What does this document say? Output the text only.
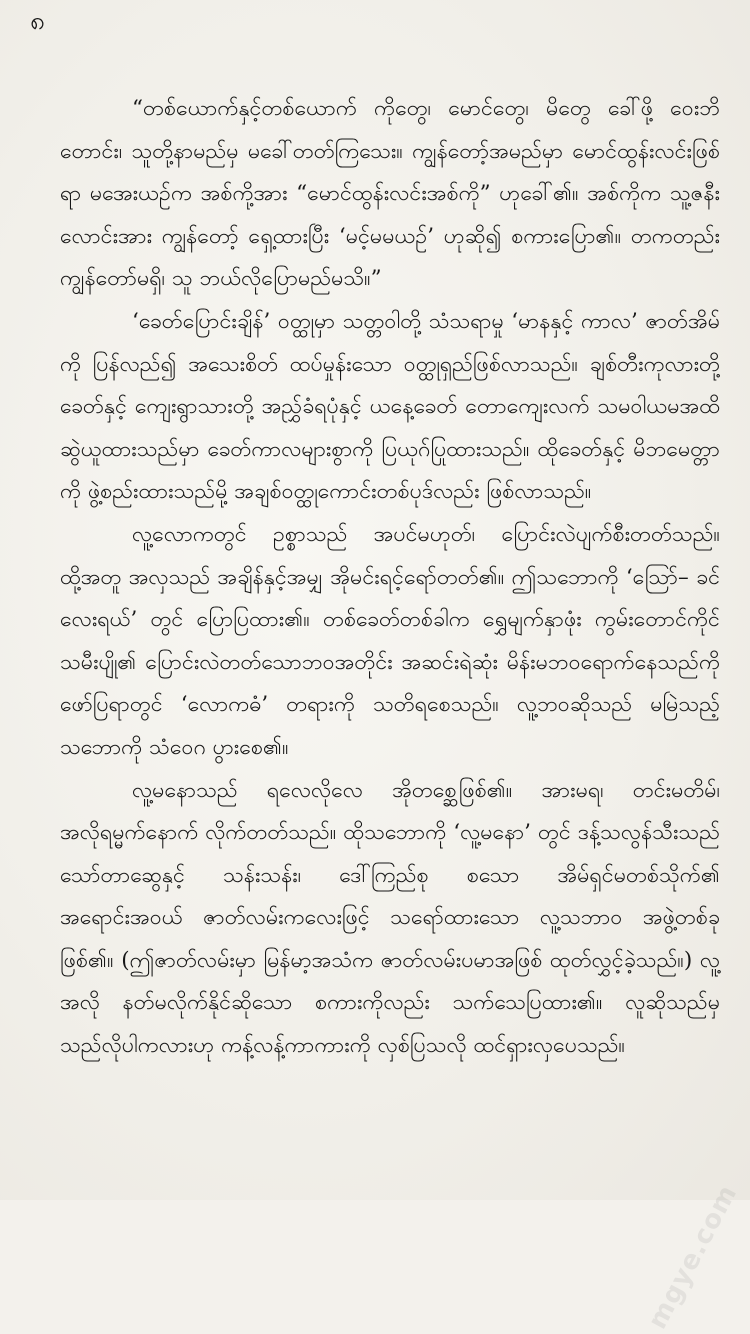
၈

“တစ်ယောက်နှင့်တစ်ယောက် ကိုတွေ၊ မောင်တွေ၊ မိတွေ ခေါ်ဖို့ ဝေးဘိတောင်း၊ သူတို့နာမည်မှ မခေါ်တတ်ကြသေး။ ကျွန်တော့်အမည်မှာ မောင်ထွန်းလင်းဖြစ်ရာ မအေးယဉ်က အစ်ကို့အား “မောင်ထွန်းလင်းအစ်ကို” ဟုခေါ်၏။ အစ်ကိုက သူ့ဇနီးလောင်းအား ကျွန်တော့် ရှေ့ထားပြီး ‘မင့်မမယဉ်’ ဟုဆို၍ စကားပြော၏။ တကတည်း ကျွန်တော်မရှိ၊ သူ ဘယ်လိုပြောမည်မသိ။”

‘ခေတ်ပြောင်းချိန်’ ဝတ္ထုမှာ သတ္တဝါတို့ သံသရာမှု ‘မာနနှင့် ကာလ’ ဇာတ်အိမ်ကို ပြန်လည်၍ အသေးစိတ် ထပ်မှုန်းသော ဝတ္ထုရှည်ဖြစ်လာသည်။ ချစ်တီးကုလားတို့ခေတ်နှင့် ကျေးရွာသားတို့ အညွှ်ခံရပုံနှင့် ယနေ့ခေတ် တောကျေးလက် သမဝါယမအထိ ဆွဲယူထားသည်မှာ ခေတ်ကာလများစွာကို ပြယုဂ်ပြုထားသည်။ ထိုခေတ်နှင့် မိဘမေတ္တာကို ဖွဲ့စည်းထားသည်မို့ အချစ်ဝတ္ထုကောင်းတစ်ပုဒ်လည်း ဖြစ်လာသည်။

လူ့လောကတွင် ဥစ္စာသည် အပင်မဟုတ်၊ ပြောင်းလဲပျက်စီးတတ်သည်။ ထို့အတူ အလှသည် အချိန်နှင့်အမျှ အိုမင်းရင့်ရော်တတ်၏။ ဤသဘောကို ‘သြော်– ခင်လေးရယ်’ တွင် ပြောပြထား၏။ တစ်ခေတ်တစ်ခါက ရွှေမျက်နှာဖုံး ကွမ်းတောင်ကိုင် သမီးပျို၏ ပြောင်းလဲတတ်သောဘဝအတိုင်း အဆင်းရဲဆုံး မိန်းမဘဝရောက်နေသည်ကို ဖော်ပြရာတွင် ‘လောကဓံ’ တရားကို သတိရစေသည်။ လူ့ဘဝဆိုသည် မမြဲသည့်သဘောကို သံဝေဂ ပွားစေ၏။

လူ့မနောသည် ရလေလိုလေ အိုတစ္ဆေဖြစ်၏။ အားမရ၊ တင်းမတိမ်၊ အလိုရမ္မက်နောက် လိုက်တတ်သည်။ ထိုသဘောကို ‘လူ့မနော’ တွင် ဒန့်သလွန်သီးသည် သော်တာဆွေနှင့် သန်းသန်း၊ ဒေါ်ကြည်စု စသော အိမ်ရှင်မတစ်သိုက်၏ အရောင်းအဝယ် ဇာတ်လမ်းကလေးဖြင့် သရော်ထားသော လူ့သဘာဝ အဖွဲ့တစ်ခု ဖြစ်၏။ (ဤဇာတ်လမ်းမှာ မြန်မာ့အသံက ဇာတ်လမ်းပမာအဖြစ် ထုတ်လွှင့်ခဲ့သည်။) လူ့အလို နတ်မလိုက်နိုင်ဆိုသော စကားကိုလည်း သက်သေပြထား၏။ လူဆိုသည်မှ သည်လိုပါကလားဟု ကန့်လန့်ကာကားကို လှစ်ပြသလို ထင်ရှားလှပေသည်။

mgye.com
